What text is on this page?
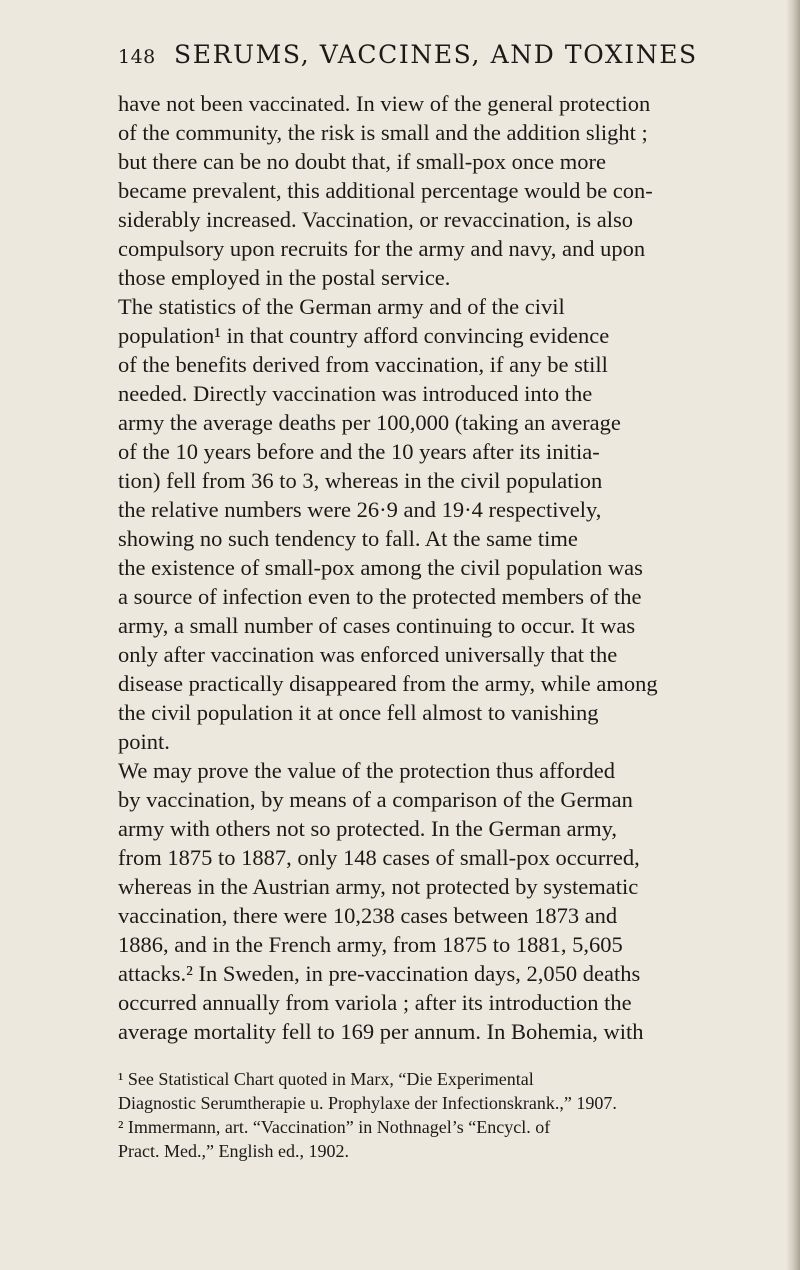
148 SERUMS, VACCINES, AND TOXINES
have not been vaccinated. In view of the general protection
of the community, the risk is small and the addition slight ;
but there can be no doubt that, if small-pox once more
became prevalent, this additional percentage would be con-
siderably increased. Vaccination, or revaccination, is also
compulsory upon recruits for the army and navy, and upon
those employed in the postal service.
The statistics of the German army and of the civil
population¹ in that country afford convincing evidence
of the benefits derived from vaccination, if any be still
needed. Directly vaccination was introduced into the
army the average deaths per 100,000 (taking an average
of the 10 years before and the 10 years after its initia-
tion) fell from 36 to 3, whereas in the civil population
the relative numbers were 26·9 and 19·4 respectively,
showing no such tendency to fall. At the same time
the existence of small-pox among the civil population was
a source of infection even to the protected members of the
army, a small number of cases continuing to occur. It was
only after vaccination was enforced universally that the
disease practically disappeared from the army, while among
the civil population it at once fell almost to vanishing
point.
We may prove the value of the protection thus afforded
by vaccination, by means of a comparison of the German
army with others not so protected. In the German army,
from 1875 to 1887, only 148 cases of small-pox occurred,
whereas in the Austrian army, not protected by systematic
vaccination, there were 10,238 cases between 1873 and
1886, and in the French army, from 1875 to 1881, 5,605
attacks.² In Sweden, in pre-vaccination days, 2,050 deaths
occurred annually from variola ; after its introduction the
average mortality fell to 169 per annum. In Bohemia, with
¹ See Statistical Chart quoted in Marx, “Die Experimental
Diagnostic Serumtherapie u. Prophylaxe der Infectionskrank.,” 1907.
² Immermann, art. “Vaccination” in Nothnagel’s “Encycl. of
Pract. Med.,” English ed., 1902.
